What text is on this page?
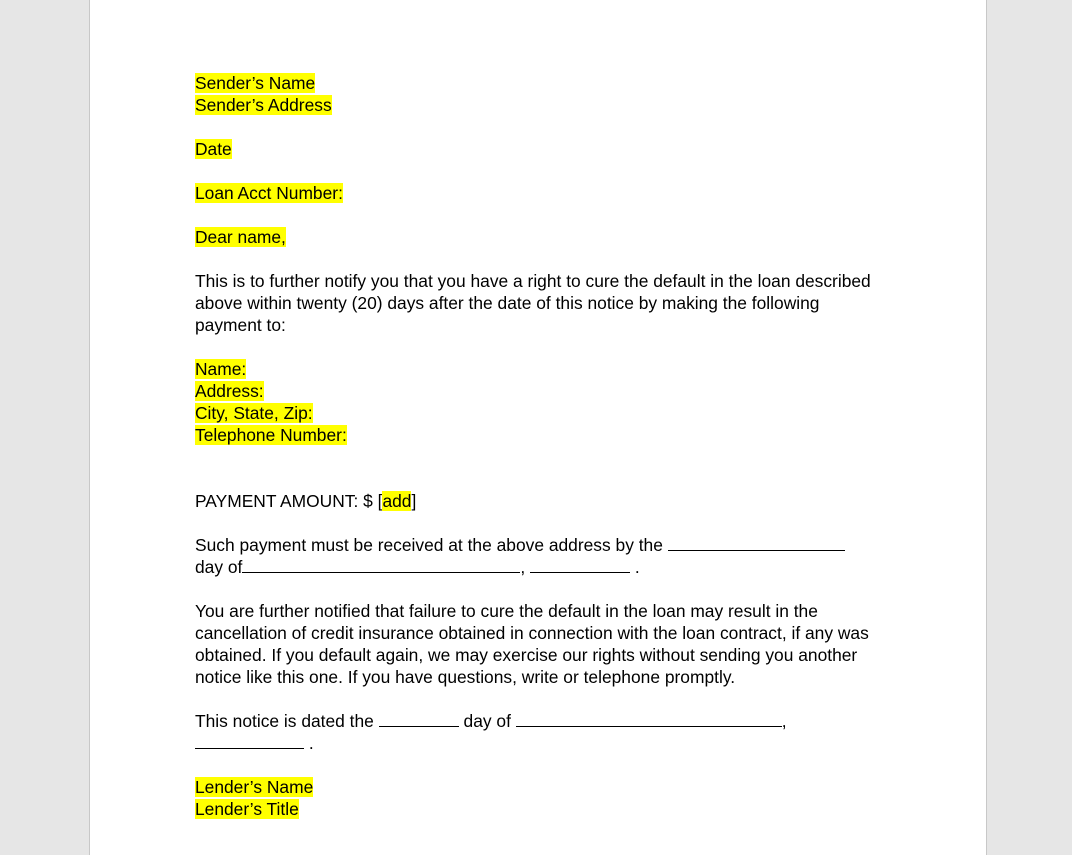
Sender’s Name
Sender’s Address
Date
Loan Acct Number:
Dear name,
This is to further notify you that you have a right to cure the default in the loan described
above within twenty (20) days after the date of this notice by making the following
payment to:
Name:
Address:
City, State, Zip:
Telephone Number:
PAYMENT AMOUNT: $ [add]
Such payment must be received at the above address by the
day of	,	.
You are further notified that failure to cure the default in the loan may result in the
cancellation of credit insurance obtained in connection with the loan contract, if any was
obtained. If you default again, we may exercise our rights without sending you another
notice like this one. If you have questions, write or telephone promptly.
This notice is dated the	day of	,
.
Lender’s Name
Lender’s Title
